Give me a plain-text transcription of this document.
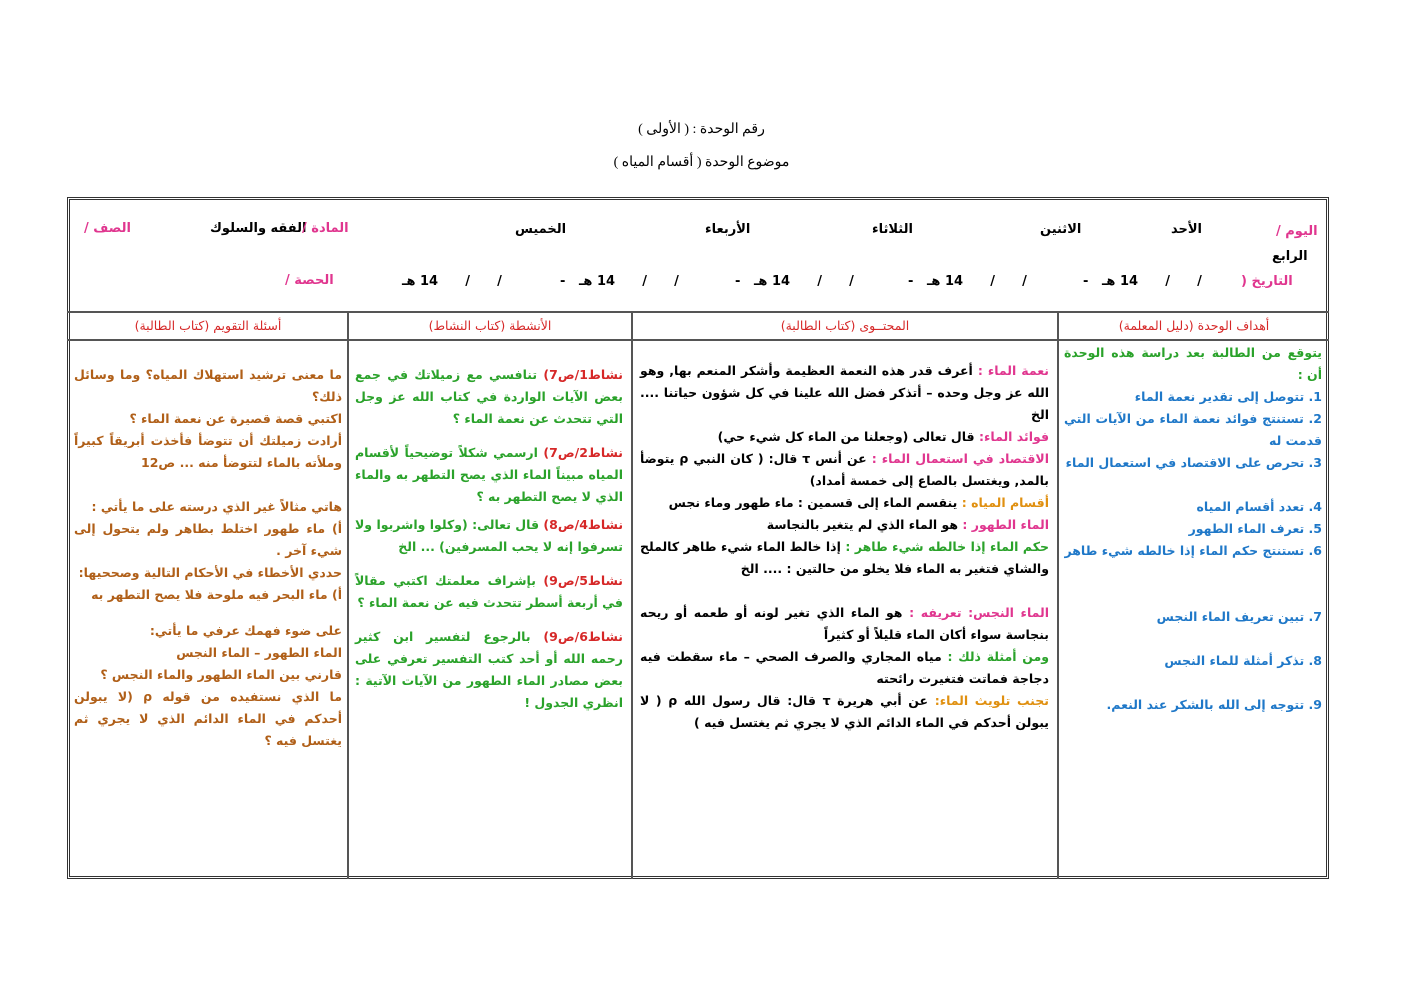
رقم الوحدة : ( الأولى )
موضوع الوحدة ( أقسام المياه )
اليوم /
الأحد
الاثنين
الثلاثاء
الأربعاء
الخميس
الفقه والسلوك
المادة /
الصف /
الرابع
التاريخ (
/      /      14 هـ   -
/      /      14 هـ   -
/      /      14 هـ   -
/      /      14 هـ   -
/      /      14 هـ
الحصة /
أهداف الوحدة (دليل المعلمة)
المحتــوى (كتاب الطالبة)
الأنشطة (كتاب النشاط)
أسئلة التقويم (كتاب الطالبة)

يتوقع من الطالبة بعد دراسة هذه الوحدة أن :

1. تتوصل إلى تقدير نعمة الماء

2. تستنتج فوائد نعمة الماء من الآيات التي قدمت له

3. تحرص على الاقتصاد في استعمال الماء

4. تعدد أقسام المياه

5. تعرف الماء الطهور

6. تستنتج حكم الماء إذا خالطه شيء طاهر

7. تبين تعريف الماء النجس

8. تذكر أمثلة للماء النجس

9. تتوجه إلى الله بالشكر عند النعم.

نعمة الماء : أعرف قدر هذه النعمة العظيمة وأشكر المنعم بها, وهو الله عز وجل وحده – أتذكر فضل الله علينا في كل شؤون حياتنا .... الخ

فوائد الماء: قال تعالى (وجعلنا من الماء كل شيء حي)

الاقتصاد في استعمال الماء : عن أنس τ قال: ( كان النبي ρ يتوضأ بالمد, ويغتسل بالصاع إلى خمسة أمداد)

أقسام المياه : ينقسم الماء إلى قسمين : ماء طهور وماء نجس

الماء الطهور : هو الماء الذي لم يتغير بالنجاسة

حكم الماء إذا خالطه شيء طاهر : إذا خالط الماء شيء طاهر كالملح والشاي فتغير به الماء فلا يخلو من حالتين : .... الخ

الماء النجس: تعريفه : هو الماء الذي تغير لونه أو طعمه أو ريحه بنجاسة سواء أكان الماء قليلاً أو كثيراً

ومن أمثلة ذلك : مياه المجاري والصرف الصحي – ماء سقطت فيه دجاجة فماتت فتغيرت رائحته

تجنب تلويث الماء: عن أبي هريرة τ قال: قال رسول الله ρ ( لا يبولن أحدكم في الماء الدائم الذي لا يجري ثم يغتسل فيه )

نشاط1/ص7) تنافسي مع زميلاتك في جمع بعض الآيات الواردة في كتاب الله عز وجل التي تتحدث عن نعمة الماء ؟

نشاط2/ص7) ارسمي شكلاً توضيحياً لأقسام المياه مبيناً الماء الذي يصح التطهر به والماء الذي لا يصح التطهر به ؟

نشاط4/ص8) قال تعالى: (وكلوا واشربوا ولا تسرفوا إنه لا يحب المسرفين) ... الخ

نشاط5/ص9) بإشراف معلمتك اكتبي مقالاً في أربعة أسطر تتحدث فيه عن نعمة الماء ؟

نشاط6/ص9) بالرجوع لتفسير ابن كثير رحمه الله أو أحد كتب التفسير تعرفي على بعض مصادر الماء الطهور من الآيات الآتية : انظري الجدول !

ما معنى ترشيد استهلاك المياه؟ وما وسائل ذلك؟

اكتبي قصة قصيرة عن نعمة الماء ؟

أرادت زميلتك أن تتوضأ فأخذت أبريقاً كبيراً وملأته بالماء لتتوضأ منه ... ص12

هاتي مثالاً غير الذي درسته على ما يأتي :

أ) ماء طهور اختلط بطاهر ولم يتحول إلى شيء آخر .

حددي الأخطاء في الأحكام التالية وصححيها:

أ) ماء البحر فيه ملوحة فلا يصح التطهر به

على ضوء فهمك عرفي ما يأتي:

الماء الطهور – الماء النجس

قارني بين الماء الطهور والماء النجس ؟

ما الذي نستفيده من قوله ρ (لا يبولن أحدكم في الماء الدائم الذي لا يجري ثم يغتسل فيه ؟
